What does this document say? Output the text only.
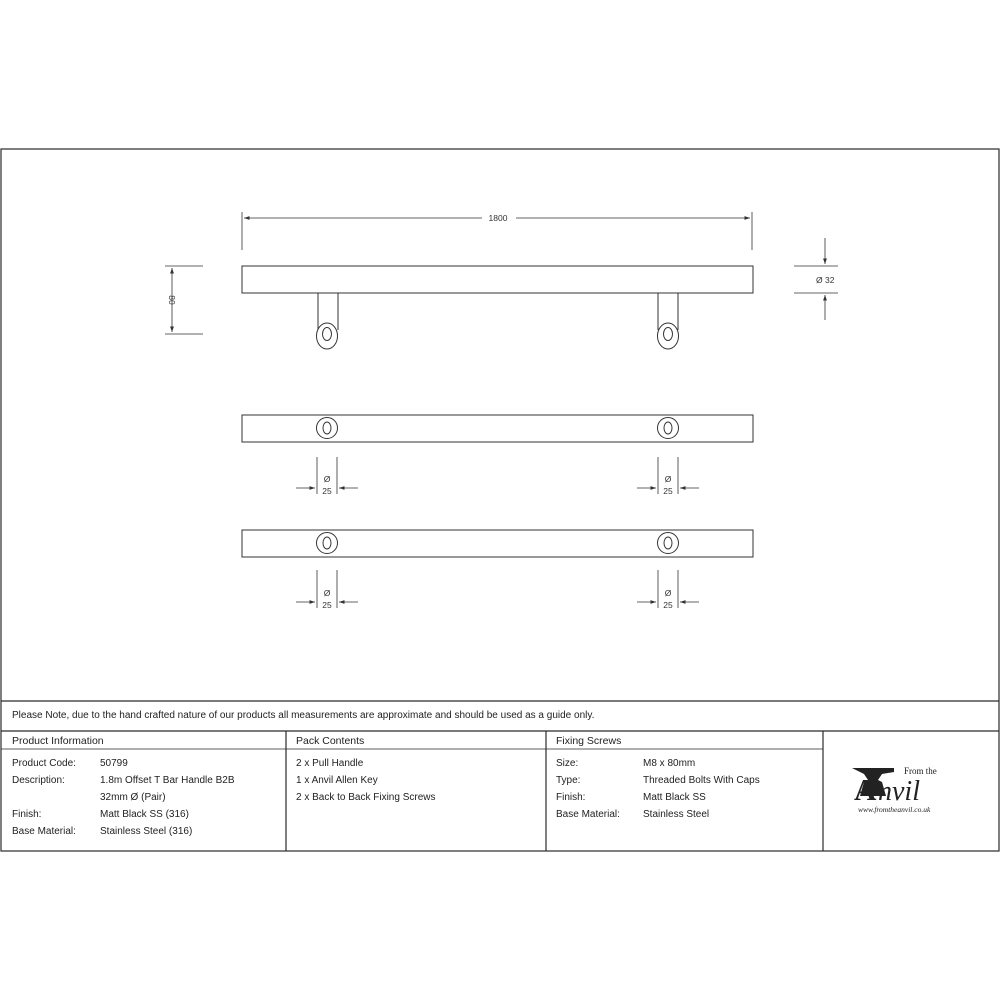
1800
80
Ø 32
Ø
25
Ø
25
Ø
25
Ø
25
Please Note, due to the hand crafted nature of our products all measurements are approximate and should be used as a guide only.
Product Information
Product Code: 50799
Description:	1.8m Offset T Bar Handle B2B
32mm Ø (Pair)
Finish:	Matt Black SS (316)
Base Material: Stainless Steel (316)
Pack Contents
2 x Pull Handle
1 x Anvil Allen Key
2 x Back to Back Fixing Screws
Fixing Screws
Size:	M8 x 80mm
Type:	Threaded Bolts With Caps
Finish:	Matt Black SS
Base Material: Stainless Steel
From the
A nvil
www.fromtheanvil.co.uk
